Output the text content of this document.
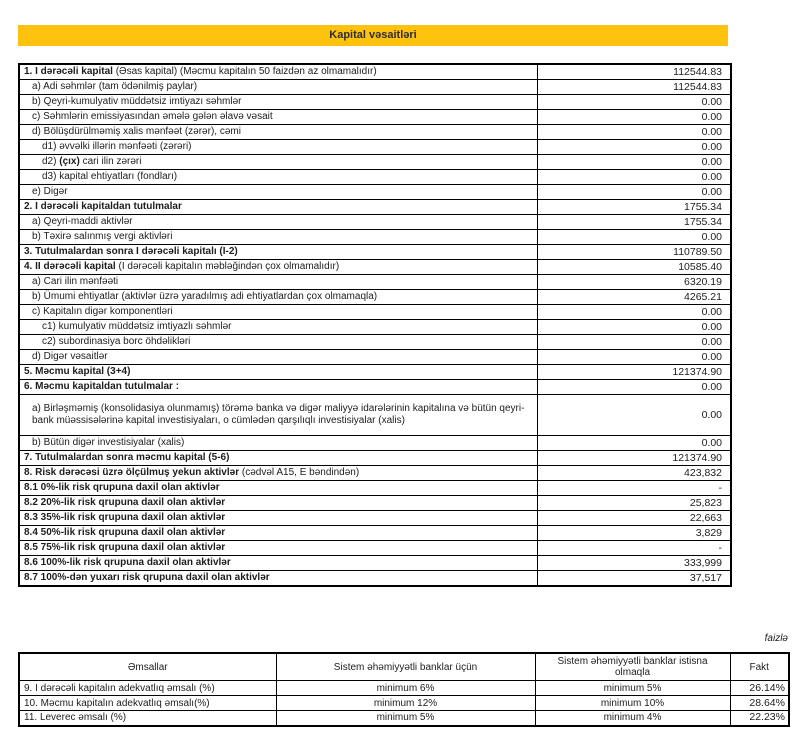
Kapital vəsaitləri
1. I dərəcəli kapital (Əsas kapital) (Məcmu kapitalın 50 faizdən az olmamalıdır)	112544.83
a) Adi səhmlər (tam ödənilmiş paylar)	112544.83
b) Qeyri-kumulyativ müddətsiz imtiyazı səhmlər	0.00
c) Səhmlərin emissiyasından əmələ gələn əlavə vəsait	0.00
d) Bölüşdürülməmiş xalis mənfəət (zərər), cəmi	0.00
d1) əvvəlki illərin mənfəəti (zərəri)	0.00
d2) (çıx) cari ilin zərəri	0.00
d3) kapital ehtiyatları (fondları)	0.00
e) Digər	0.00
2. I dərəcəli kapitaldan tutulmalar	1755.34
a) Qeyri-maddi aktivlər	1755.34
b) Təxirə salınmış vergi aktivləri	0.00
3. Tutulmalardan sonra I dərəcəli kapitalı (I-2)	110789.50
4. II dərəcəli kapital (I dərəcəli kapitalın məbləğindən çox olmamalıdır)	10585.40
a) Cari ilin mənfəəti	6320.19
b) Ümumi ehtiyatlar (aktivlər üzrə yaradılmış adi ehtiyatlardan çox olmamaqla)	4265.21
c) Kapitalın digər komponentləri	0.00
c1) kumulyativ müddətsiz imtiyazlı səhmlər	0.00
c2) subordinasiya borc öhdəlikləri	0.00
d) Digər vəsaitlər	0.00
5. Məcmu kapital (3+4)	121374.90
6. Məcmu kapitaldan tutulmalar :	0.00
a) Birləşməmiş (konsolidasiya olunmamış) törəmə banka və digər maliyyə idarələrinin kapitalına və bütün qeyri-bank müəssisələrinə kapital investisiyaları, o cümlədən qarşılıqlı investisiyalar (xalis)	0.00
b) Bütün digər investisiyalar (xalis)	0.00
7. Tutulmalardan sonra məcmu kapital (5-6)	121374.90
8. Risk dərəcəsi üzrə ölçülmuş yekun aktivlər (cədvəl A15, E bəndindən)	423,832
8.1 0%-lik risk qrupuna daxil olan aktivlər	-
8.2 20%-lik risk qrupuna daxil olan aktivlər	25,823
8.3 35%-lik risk qrupuna daxil olan aktivlər	22,663
8.4 50%-lik risk qrupuna daxil olan aktivlər	3,829
8.5 75%-lik risk qrupuna daxil olan aktivlər	-
8.6 100%-lik risk qrupuna daxil olan aktivlər	333,999
8.7 100%-dən yuxarı risk qrupuna daxil olan aktivlər	37,517
faizlə
Əmsallar	Sistem əhəmiyyətli banklar üçün	Sistem əhəmiyyətli banklar istisna olmaqla	Fakt
9. I dərəcəli kapitalın adekvatlıq əmsalı (%)	minimum 6%	minimum 5%	26.14%
10. Məcmu kapitalın adekvatlıq əmsalı(%)	minimum 12%	minimum 10%	28.64%
11. Leverec əmsalı (%)	minimum 5%	minimum 4%	22.23%
